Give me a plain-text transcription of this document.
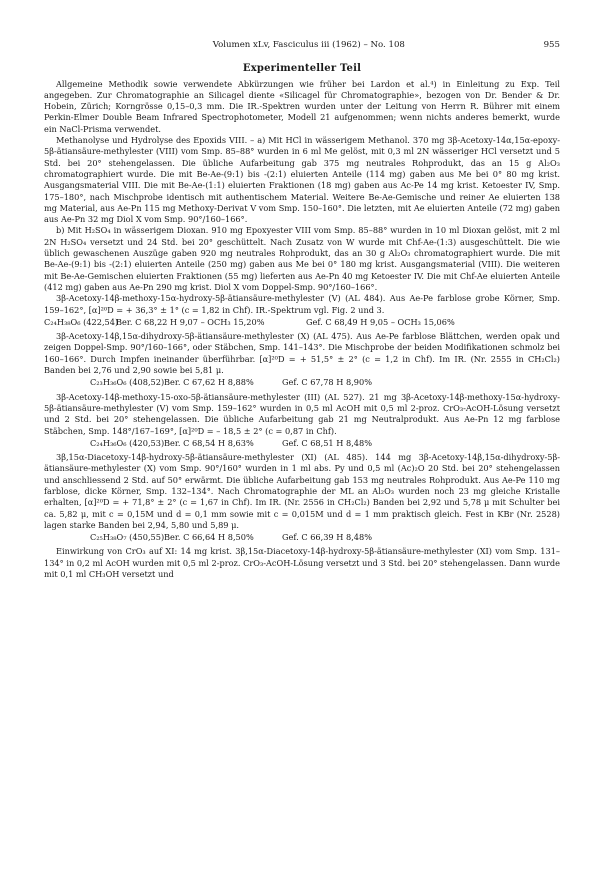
Volumen xLv, Fasciculus iii (1962) – No. 108	955
Experimenteller Teil

Allgemeine Methodik sowie verwendete Abkürzungen wie früher bei Lardon et al.⁴) in Einleitung zu Exp. Teil angegeben. Zur Chromatographie an Silicagel diente «Silicagel für Chromatographie», bezogen von Dr. Bender & Dr. Hobein, Zürich; Korngrösse 0,15–0,3 mm. Die IR.-Spektren wurden unter der Leitung von Herrn R. Bührer mit einem Perkin-Elmer Double Beam Infrared Spectrophotometer, Modell 21 aufgenommen; wenn nichts anderes bemerkt, wurde ein NaCl-Prisma verwendet.

Methanolyse und Hydrolyse des Epoxids VIII. – a) Mit HCl in wässerigem Methanol. 370 mg 3β-Acetoxy-14α,15α-epoxy-5β-ätiansäure-methylester (VIII) vom Smp. 85–88° wurden in 6 ml Me gelöst, mit 0,3 ml 2N wässeriger HCl versetzt und 5 Std. bei 20° stehengelassen. Die übliche Aufarbeitung gab 375 mg neutrales Rohprodukt, das an 15 g Al₂O₃ chromatographiert wurde. Die mit Be-Ae-(9:1) bis -(2:1) eluierten Anteile (114 mg) gaben aus Me bei 0° 80 mg krist. Ausgangsmaterial VIII. Die mit Be-Ae-(1:1) eluierten Fraktionen (18 mg) gaben aus Ac-Pe 14 mg krist. Ketoester IV, Smp. 175–180°, nach Mischprobe identisch mit authentischem Material. Weitere Be-Ae-Gemische und reiner Ae eluierten 138 mg Material, aus Ae-Pn 115 mg Methoxy-Derivat V vom Smp. 150–160°. Die letzten, mit Ae eluierten Anteile (72 mg) gaben aus Ae-Pn 32 mg Diol X vom Smp. 90°/160–166°.

b) Mit H₂SO₄ in wässerigem Dioxan. 910 mg Epoxyester VIII vom Smp. 85–88° wurden in 10 ml Dioxan gelöst, mit 2 ml 2N H₂SO₄ versetzt und 24 Std. bei 20° geschüttelt. Nach Zusatz von W wurde mit Chf-Ae-(1:3) ausgeschüttelt. Die wie üblich gewaschenen Auszüge gaben 920 mg neutrales Rohprodukt, das an 30 g Al₂O₃ chromatographiert wurde. Die mit Be-Ae-(9:1) bis -(2:1) eluierten Anteile (250 mg) gaben aus Me bei 0° 180 mg krist. Ausgangsmaterial (VIII). Die weiteren mit Be-Ae-Gemischen eluierten Fraktionen (55 mg) lieferten aus Ae-Pn 40 mg Ketoester IV. Die mit Chf-Ae eluierten Anteile (412 mg) gaben aus Ae-Pn 290 mg krist. Diol X vom Doppel-Smp. 90°/160–166°.

3β-Acetoxy-14β-methoxy-15α-hydroxy-5β-ätiansäure-methylester (V) (AL 484). Aus Ae-Pe farblose grobe Körner, Smp. 159–162°, [α]²⁰D = + 36,3° ± 1° (c = 1,82 in Chf). IR.-Spektrum vgl. Fig. 2 und 3.

C₂₄H₃₈O₆ (422,54)
Ber. C 68,22 H 9,07 – OCH₃ 15,20%	Gef. C 68,49 H 9,05 – OCH₃ 15,06%

3β-Acetoxy-14β,15α-dihydroxy-5β-ätiansäure-methylester (X) (AL 475). Aus Ae-Pe farblose Blättchen, werden opak und zeigen Doppel-Smp. 90°/160–166°, oder Stäbchen, Smp. 141–143°. Die Mischprobe der beiden Modifikationen schmolz bei 160–166°. Durch Impfen ineinander überführbar. [α]²⁰D = + 51,5° ± 2° (c = 1,2 in Chf). Im IR. (Nr. 2555 in CH₂Cl₂) Banden bei 2,76 und 2,90 sowie bei 5,81 μ.

C₂₃H₃₆O₆ (408,52) Ber. C 67,62 H 8,88%	Gef. C 67,78 H 8,90%

3β-Acetoxy-14β-methoxy-15-oxo-5β-ätiansäure-methylester (III) (AL 527). 21 mg 3β-Acetoxy-14β-methoxy-15α-hydroxy-5β-ätiansäure-methylester (V) vom Smp. 159–162° wurden in 0,5 ml AcOH mit 0,5 ml 2-proz. CrO₃-AcOH-Lösung versetzt und 2 Std. bei 20° stehengelassen. Die übliche Aufarbeitung gab 21 mg Neutralprodukt. Aus Ae-Pn 12 mg farblose Stäbchen, Smp. 148°/167–169°, [α]²⁰D = – 18,5 ± 2° (c = 0,87 in Chf).

C₂₄H₃₆O₆ (420,53) Ber. C 68,54 H 8,63%	Gef. C 68,51 H 8,48%

3β,15α-Diacetoxy-14β-hydroxy-5β-ätiansäure-methylester (XI) (AL 485). 144 mg 3β-Acetoxy-14β,15α-dihydroxy-5β-ätiansäure-methylester (X) vom Smp. 90°/160° wurden in 1 ml abs. Py und 0,5 ml (Ac)₂O 20 Std. bei 20° stehengelassen und anschliessend 2 Std. auf 50° erwärmt. Die übliche Aufarbeitung gab 153 mg neutrales Rohprodukt. Aus Ae-Pe 110 mg farblose, dicke Körner, Smp. 132–134°. Nach Chromatographie der ML an Al₂O₃ wurden noch 23 mg gleiche Kristalle erhalten, [α]²⁰D = + 71,8° ± 2° (c = 1,67 in Chf). Im IR. (Nr. 2556 in CH₂Cl₂) Banden bei 2,92 und 5,78 μ mit Schulter bei ca. 5,82 μ, mit c = 0,15M und d = 0,1 mm sowie mit c = 0,015M und d = 1 mm praktisch gleich. Fest in KBr (Nr. 2528) lagen starke Banden bei 2,94, 5,80 und 5,89 μ.

C₂₅H₃₈O₇ (450,55) Ber. C 66,64 H 8,50%	Gef. C 66,39 H 8,48%

Einwirkung von CrO₃ auf XI: 14 mg krist. 3β,15α-Diacetoxy-14β-hydroxy-5β-ätiansäure-methylester (XI) vom Smp. 131–134° in 0,2 ml AcOH wurden mit 0,5 ml 2-proz. CrO₃-AcOH-Lösung versetzt und 3 Std. bei 20° stehengelassen. Dann wurde mit 0,1 ml CH₃OH versetzt und
